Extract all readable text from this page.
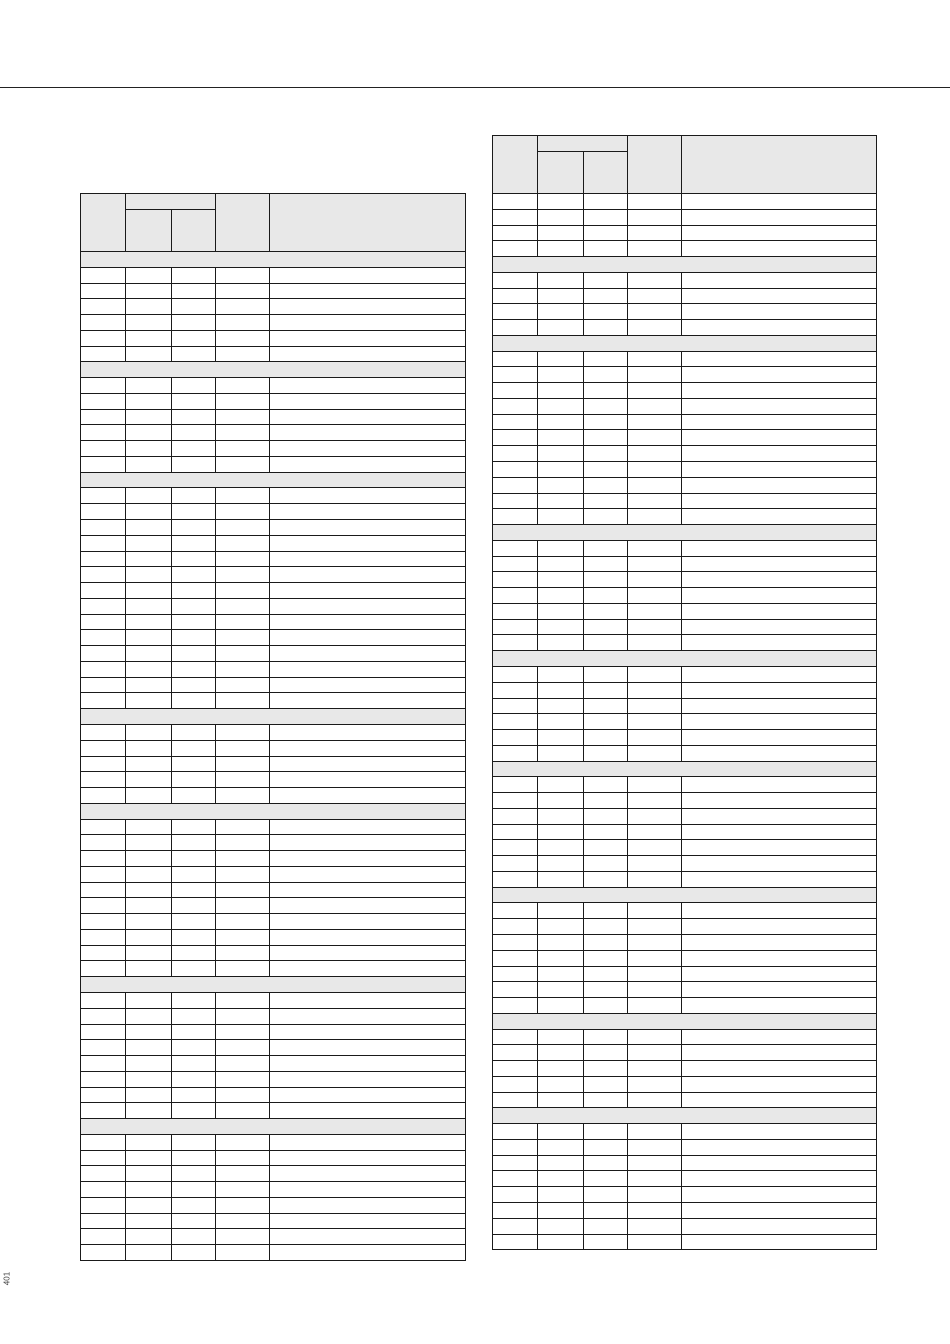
401
